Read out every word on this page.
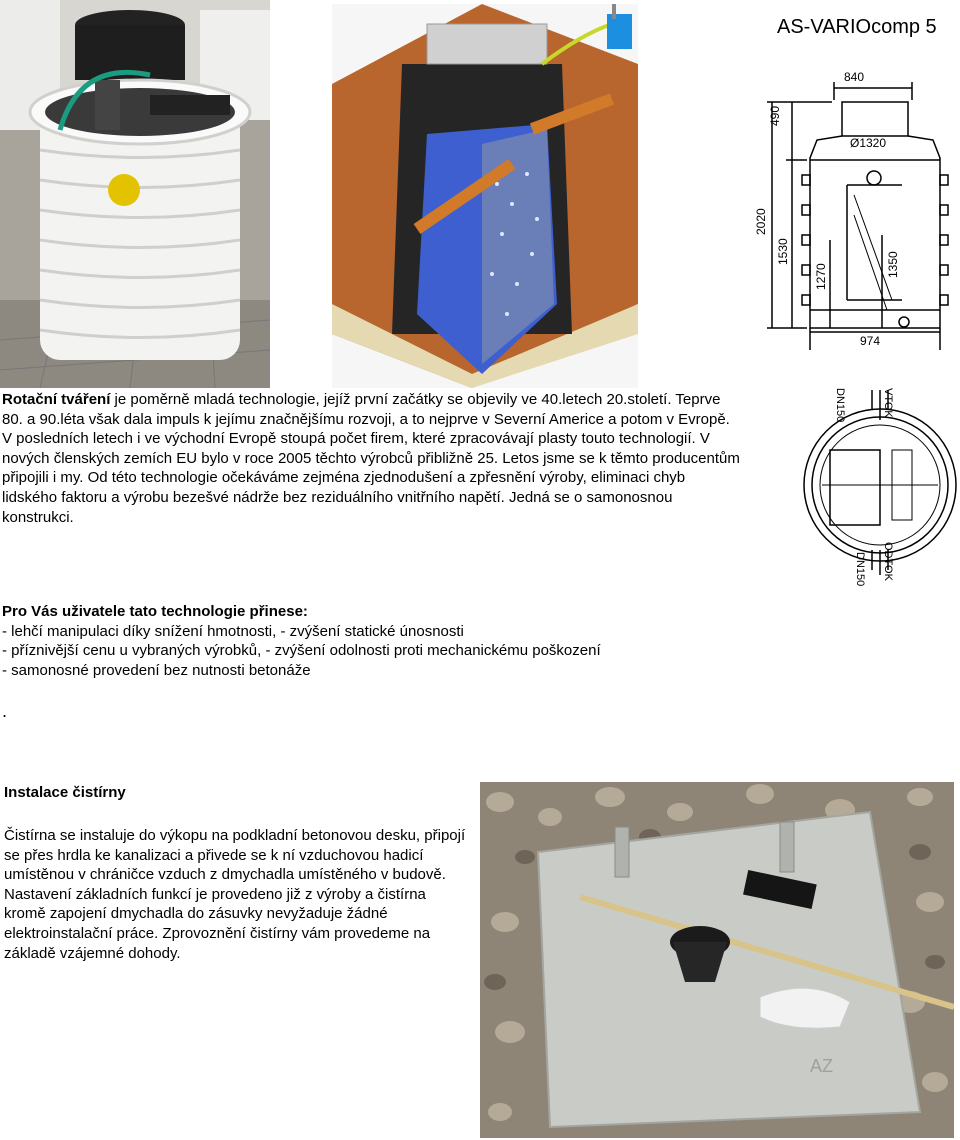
AS-VARIOcomp 5
840
Ø1320
490
2020
1530
1270	1350
974
DN150	VTOK
DN150 ODTOK
Rotační tváření je poměrně mladá technologie, jejíž první začátky se objevily ve 40.letech 20.století. Teprve 80. a 90.léta však dala impuls k jejímu značnějšímu rozvoji, a to nejprve v Severní Americe a potom v Evropě. V posledních letech i ve východní Evropě stoupá počet firem, které zpracovávají plasty touto technologií. V nových členských zemích EU bylo v roce 2005 těchto výrobců přibližně 25. Letos jsme se k těmto producentům připojili i my. Od této technologie očekáváme zejména zjednodušení a zpřesnění výroby, eliminaci chyb lidského faktoru a výrobu bezešvé nádrže bez reziduálního vnitřního napětí. Jedná se o samonosnou konstrukci.
Pro Vás uživatele tato technologie přinese:
- lehčí manipulaci díky snížení hmotnosti, - zvýšení statické únosnosti
- příznivější cenu u vybraných výrobků, - zvýšení odolnosti proti mechanickému poškození
- samonosné provedení bez nutnosti betonáže
.
Instalace čistírny
Čistírna se instaluje do výkopu na podkladní betonovou desku, připojí se přes hrdla ke kanalizaci a přivede se k ní vzduchovou hadicí umístěnou v chráničce vzduch z dmychadla umístěného v budově. Nastavení základních funkcí je provedeno již z výroby a čistírna kromě zapojení dmychadla do zásuvky nevyžaduje žádné elektroinstalační práce. Zprovoznění čistírny vám provedeme na základě vzájemné dohody.
AZ
